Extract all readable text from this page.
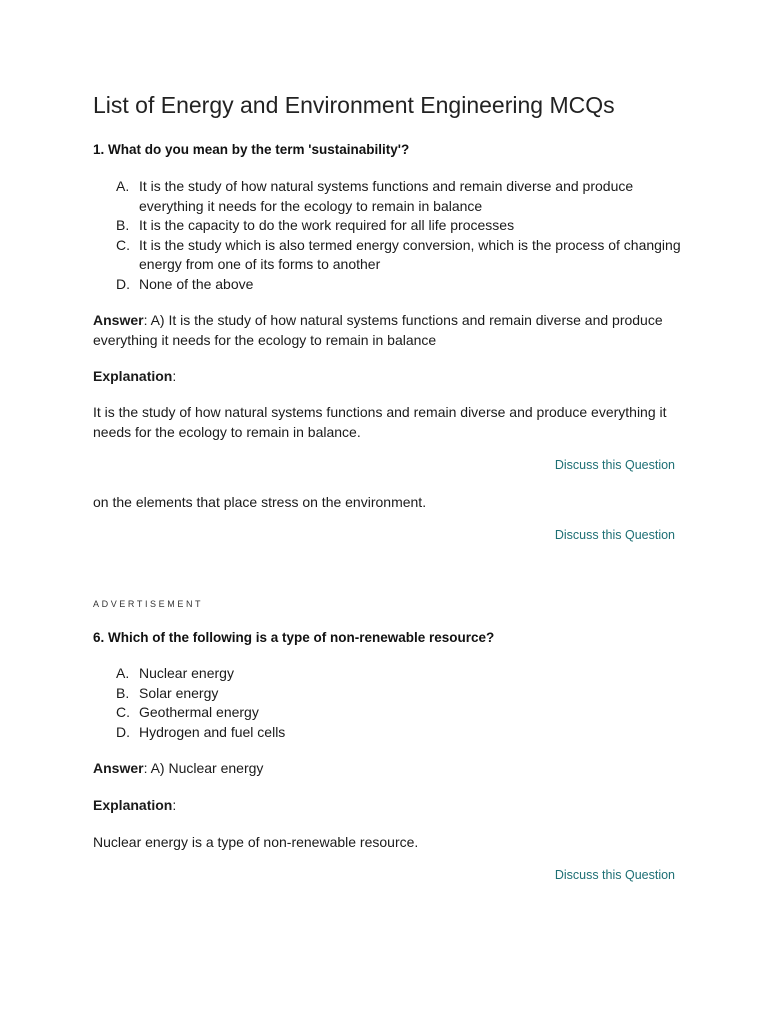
List of Energy and Environment Engineering MCQs
1. What do you mean by the term 'sustainability'?
A. It is the study of how natural systems functions and remain diverse and produce everything it needs for the ecology to remain in balance
B. It is the capacity to do the work required for all life processes
C. It is the study which is also termed energy conversion, which is the process of changing energy from one of its forms to another
D. None of the above

Answer: A) It is the study of how natural systems functions and remain diverse and produce everything it needs for the ecology to remain in balance

Explanation:

It is the study of how natural systems functions and remain diverse and produce everything it needs for the ecology to remain in balance.

Discuss this Question

on the elements that place stress on the environment.

Discuss this Question
ADVERTISEMENT
6. Which of the following is a type of non-renewable resource?
A. Nuclear energy
B. Solar energy
C. Geothermal energy
D. Hydrogen and fuel cells

Answer: A) Nuclear energy

Explanation:

Nuclear energy is a type of non-renewable resource.

Discuss this Question
